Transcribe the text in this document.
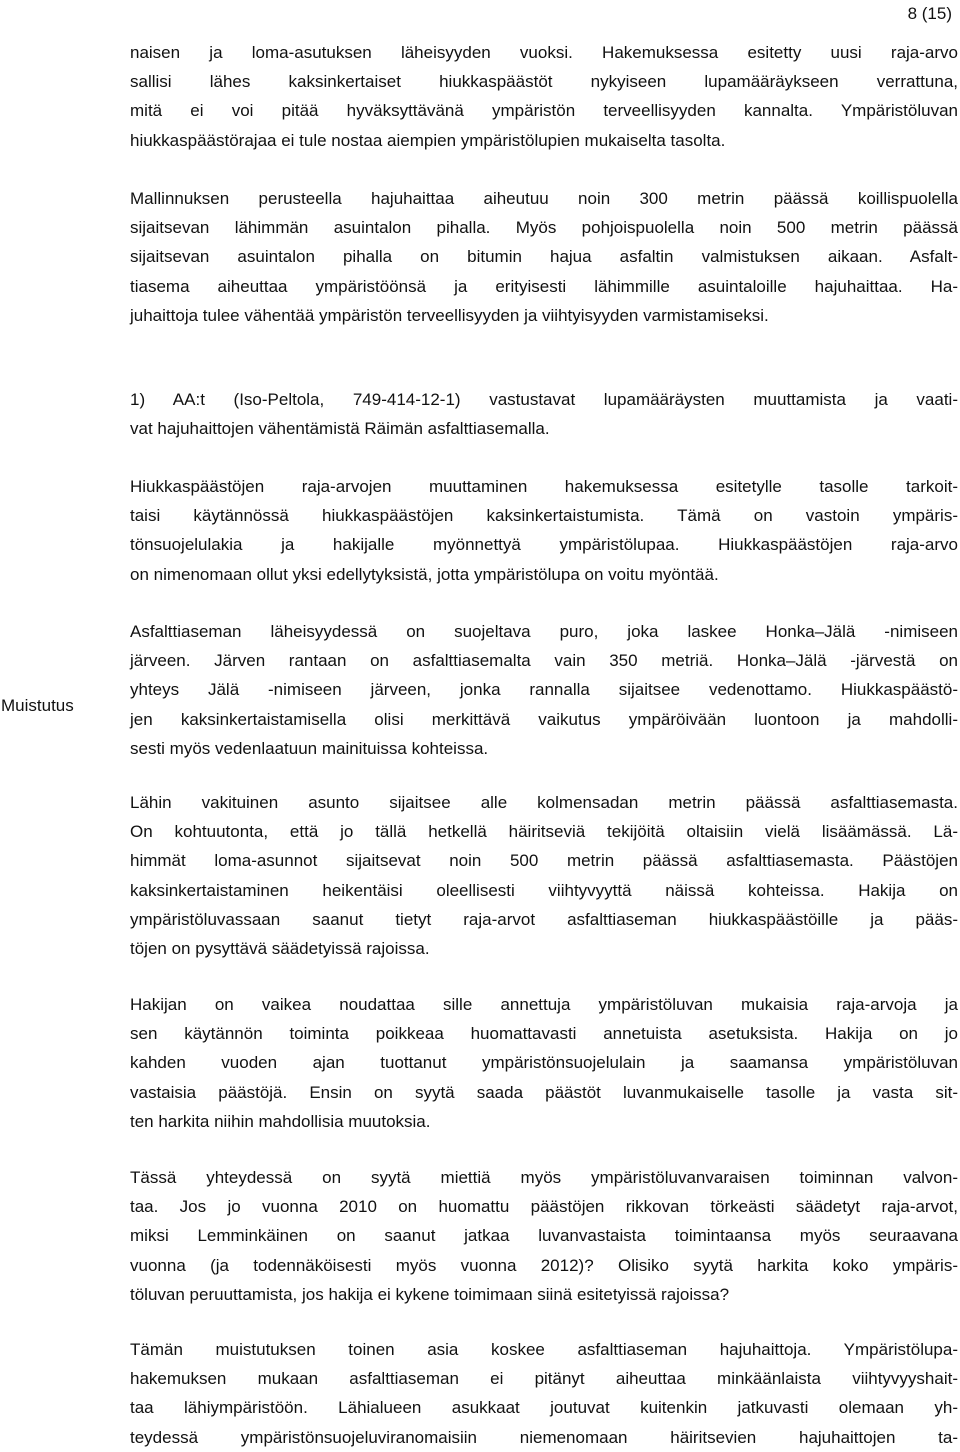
8 (15)
Muistutus
naisen ja loma-asutuksen läheisyyden vuoksi. Hakemuksessa esitetty uusi raja-arvo
sallisi lähes kaksinkertaiset hiukkaspäästöt nykyiseen lupamääräykseen verrattuna,
mitä ei voi pitää hyväksyttävänä ympäristön terveellisyyden kannalta. Ympäristöluvan
hiukkaspäästörajaa ei tule nostaa aiempien ympäristölupien mukaiselta tasolta.
Mallinnuksen perusteella hajuhaittaa aiheutuu noin 300 metrin päässä koillispuolella
sijaitsevan lähimmän asuintalon pihalla. Myös pohjoispuolella noin 500 metrin päässä
sijaitsevan asuintalon pihalla on bitumin hajua asfaltin valmistuksen aikaan. Asfalt-
tiasema aiheuttaa ympäristöönsä ja erityisesti lähimmille asuintaloille hajuhaittaa. Ha-
juhaittoja tulee vähentää ympäristön terveellisyyden ja viihtyisyyden varmistamiseksi.
1) AA:t (Iso-Peltola, 749-414-12-1) vastustavat lupamääräysten muuttamista ja vaati-
vat hajuhaittojen vähentämistä Räimän asfalttiasemalla.
Hiukkaspäästöjen raja-arvojen muuttaminen hakemuksessa esitetylle tasolle tarkoit-
taisi käytännössä hiukkaspäästöjen kaksinkertaistumista. Tämä on vastoin ympäris-
tönsuojelulakia ja hakijalle myönnettyä ympäristölupaa. Hiukkaspäästöjen raja-arvo
on nimenomaan ollut yksi edellytyksistä, jotta ympäristölupa on voitu myöntää.
Asfalttiaseman läheisyydessä on suojeltava puro, joka laskee Honka–Jälä -nimiseen
järveen. Järven rantaan on asfalttiasemalta vain 350 metriä. Honka–Jälä -järvestä on
yhteys Jälä -nimiseen järveen, jonka rannalla sijaitsee vedenottamo. Hiukkaspäästö-
jen kaksinkertaistamisella olisi merkittävä vaikutus ympäröivään luontoon ja mahdolli-
sesti myös vedenlaatuun mainituissa kohteissa.
Lähin vakituinen asunto sijaitsee alle kolmensadan metrin päässä asfalttiasemasta.
On kohtuutonta, että jo tällä hetkellä häiritseviä tekijöitä oltaisiin vielä lisäämässä. Lä-
himmät loma-asunnot sijaitsevat noin 500 metrin päässä asfalttiasemasta. Päästöjen
kaksinkertaistaminen heikentäisi oleellisesti viihtyvyyttä näissä kohteissa. Hakija on
ympäristöluvassaan saanut tietyt raja-arvot asfalttiaseman hiukkaspäästöille ja pääs-
töjen on pysyttävä säädetyissä rajoissa.
Hakijan on vaikea noudattaa sille annettuja ympäristöluvan mukaisia raja-arvoja ja
sen käytännön toiminta poikkeaa huomattavasti annetuista asetuksista. Hakija on jo
kahden vuoden ajan tuottanut ympäristönsuojelulain ja saamansa ympäristöluvan
vastaisia päästöjä. Ensin on syytä saada päästöt luvanmukaiselle tasolle ja vasta sit-
ten harkita niihin mahdollisia muutoksia.
Tässä yhteydessä on syytä miettiä myös ympäristöluvanvaraisen toiminnan valvon-
taa. Jos jo vuonna 2010 on huomattu päästöjen rikkovan törkeästi säädetyt raja-arvot,
miksi Lemminkäinen on saanut jatkaa luvanvastaista toimintaansa myös seuraavana
vuonna (ja todennäköisesti myös vuonna 2012)? Olisiko syytä harkita koko ympäris-
töluvan peruuttamista, jos hakija ei kykene toimimaan siinä esitetyissä rajoissa?
Tämän muistutuksen toinen asia koskee asfalttiaseman hajuhaittoja. Ympäristölupa-
hakemuksen mukaan asfalttiaseman ei pitänyt aiheuttaa minkäänlaista viihtyvyyshait-
taa lähiympäristöön. Lähialueen asukkaat joutuvat kuitenkin jatkuvasti olemaan yh-
teydessä ympäristönsuojeluviranomaisiin niemenomaan häiritsevien hajuhaittojen ta-
